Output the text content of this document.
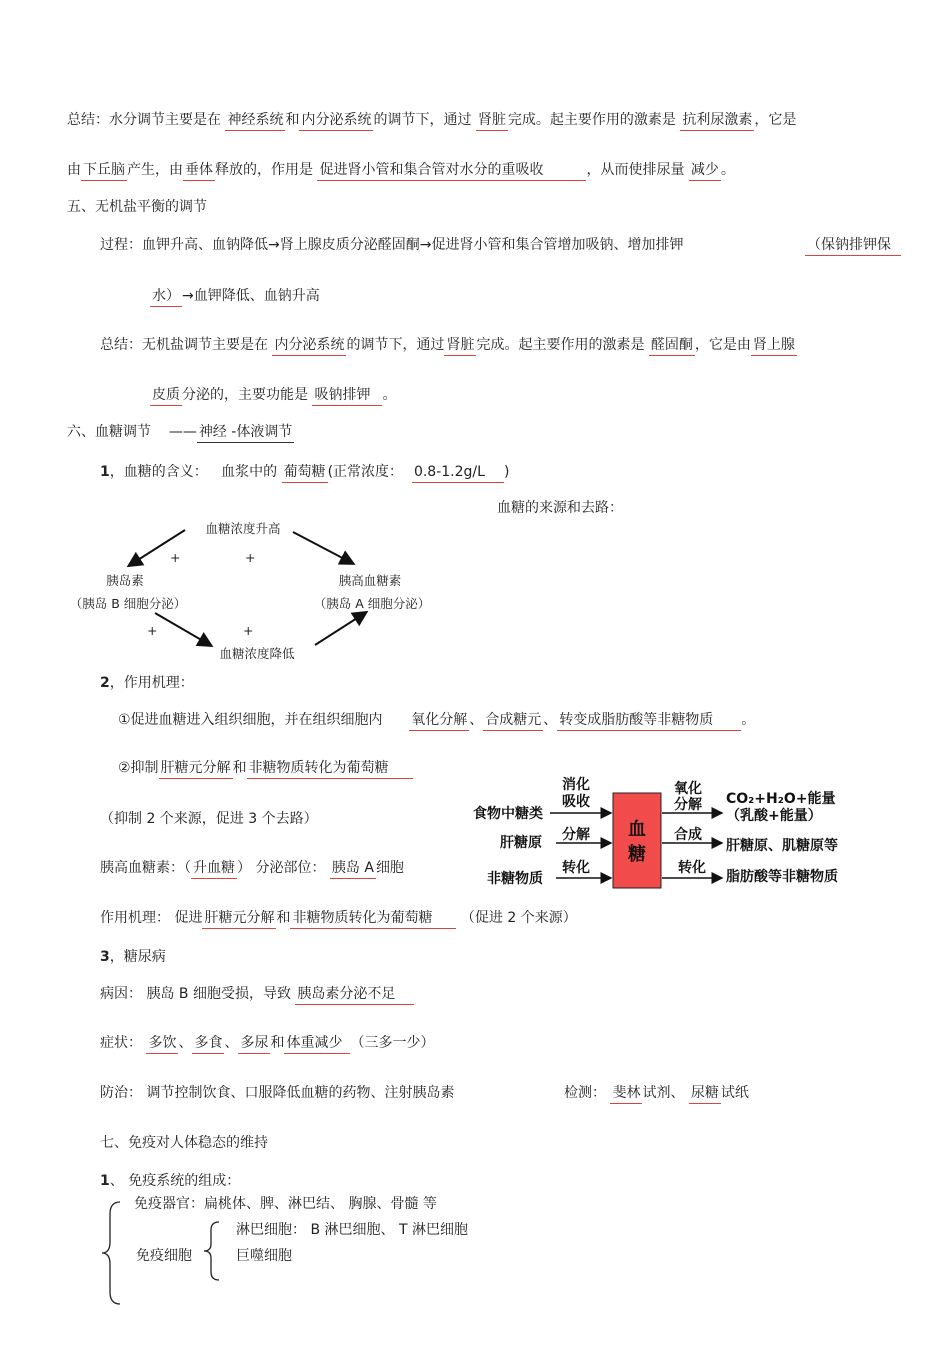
总结：水分调节主要是在 神经系统 和 内分泌系统 的调节下，通过 肾脏 完成。起主要作用的激素是 抗利尿激素 ，它是
由 下丘脑 产生，由 垂体 释放的，作用是 促进肾小管和集合管对水分的重吸收	，从而使排尿量 减少 。
五、无机盐平衡的调节
过程：血钾升高、血钠降低→肾上腺皮质分泌醛固酮→促进肾小管和集合管增加吸钠、增加排钾	（保钠排钾保
水） →血钾降低、血钠升高
总结：无机盐调节主要是在 内分泌系统 的调节下，通过 肾脏 完成。起主要作用的激素是 醛固酮 ，它是由 肾上腺
皮质 分泌的，主要功能是 吸钠排钾 。
六、血糖调节 —— 神经 -体液调节
1，血糖的含义： 血浆中的 葡萄糖 (正常浓度： 0.8-1.2g/L )
血糖的来源和去路：
血糖浓度升高
胰岛素
（胰岛 B 细胞分泌）
胰高血糖素
（胰岛 A 细胞分泌）
血糖浓度降低
+	+
+	+
2，作用机理：
①促进血糖进入组织细胞，并在组织细胞内 氧化分解 、 合成糖元 、 转变成脂肪酸等非糖物质 。
②抑制 肝糖元分解 和 非糖物质转化为葡萄糖
（抑制 2 个来源，促进 3 个去路）
胰高血糖素：（ 升血糖 ） 分泌部位： 胰岛 A 细胞
作用机理： 促进 肝糖元分解 和 非糖物质转化为葡萄糖 （促进 2 个来源）
血
糖
食物中糖类
肝糖原
非糖物质
消化
吸收
分解
转化
氧化
分解
合成
转化
CO₂+H₂O+能量
（乳酸+能量）
肝糖原、肌糖原等
脂肪酸等非糖物质
3，糖尿病
病因： 胰岛 B 细胞受损，导致 胰岛素分泌不足
症状： 多饮 、 多食 、 多尿 和 体重减少 （三多一少）
防治： 调节控制饮食、口服降低血糖的药物、注射胰岛素	检测： 斐林 试剂、 尿糖 试纸
七、免疫对人体稳态的维持
1、 免疫系统的组成：
免疫器官：扁桃体、脾、淋巴结、 胸腺、骨髓 等
免疫细胞
淋巴细胞： B 淋巴细胞、 T 淋巴细胞
巨噬细胞
